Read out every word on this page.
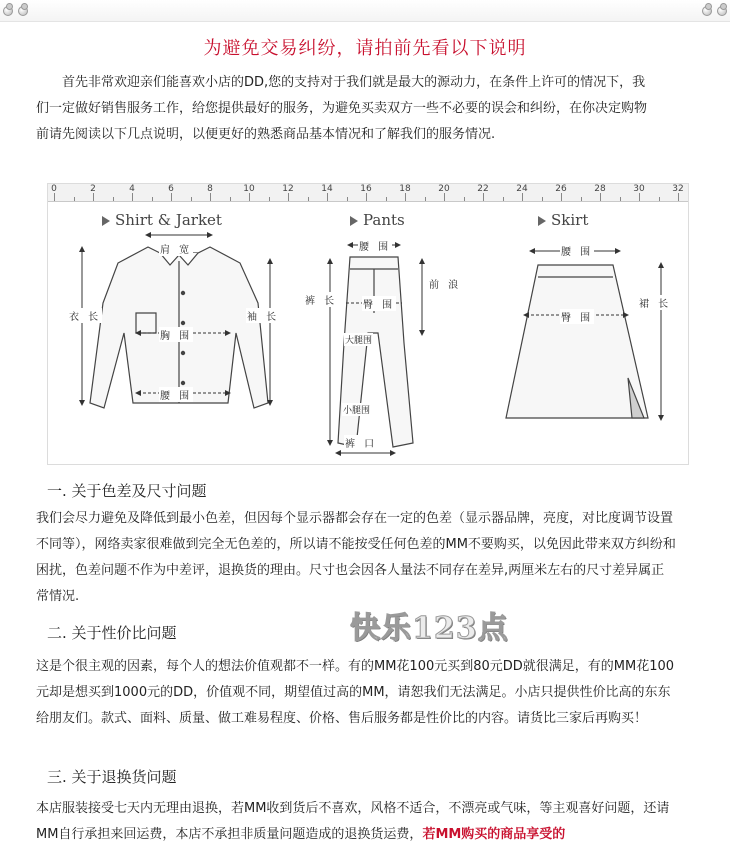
为避免交易纠纷，请拍前先看以下说明

首先非常欢迎亲们能喜欢小店的DD,您的支持对于我们就是最大的源动力，在条件上许可的情况下，我们一定做好销售服务工作，给您提供最好的服务，为避免买卖双方一些不必要的误会和纠纷，在你决定购物前请先阅读以下几点说明，以便更好的熟悉商品基本情况和了解我们的服务情况.

0	2	4	6	8	10	12	14	16	18	20	22	24	26	28	30	32
Shirt & Jarket	Pants	Skirt
肩 宽
衣 长	袖 长
胸 围
腰 围
腰 围
裤 长
前 浪
臀 围
大腿围
小腿围
裤 口
腰 围
裙 长
臀 围
一. 关于色差及尺寸问题
我们会尽力避免及降低到最小色差，但因每个显示器都会存在一定的色差（显示器品牌，亮度，对比度调节设置不同等），网络卖家很难做到完全无色差的，所以请不能按受任何色差的MM不要购买，以免因此带来双方纠纷和困扰，色差问题不作为中差评，退换货的理由。尺寸也会因各人量法不同存在差异,两厘米左右的尺寸差异属正常情况.
二. 关于性价比问题
这是个很主观的因素，每个人的想法价值观都不一样。有的MM花100元买到80元DD就很满足，有的MM花100元却是想买到1000元的DD，价值观不同，期望值过高的MM，请恕我们无法满足。小店只提供性价比高的东东给朋友们。款式、面料、质量、做工难易程度、价格、售后服务都是性价比的内容。请货比三家后再购买！
快乐123点
三. 关于退换货问题
本店服装接受七天内无理由退换，若MM收到货后不喜欢，风格不适合，不漂亮或气味，等主观喜好问题，还请MM自行承担来回运费，本店不承担非质量问题造成的退换货运费，若MM购买的商品享受的
